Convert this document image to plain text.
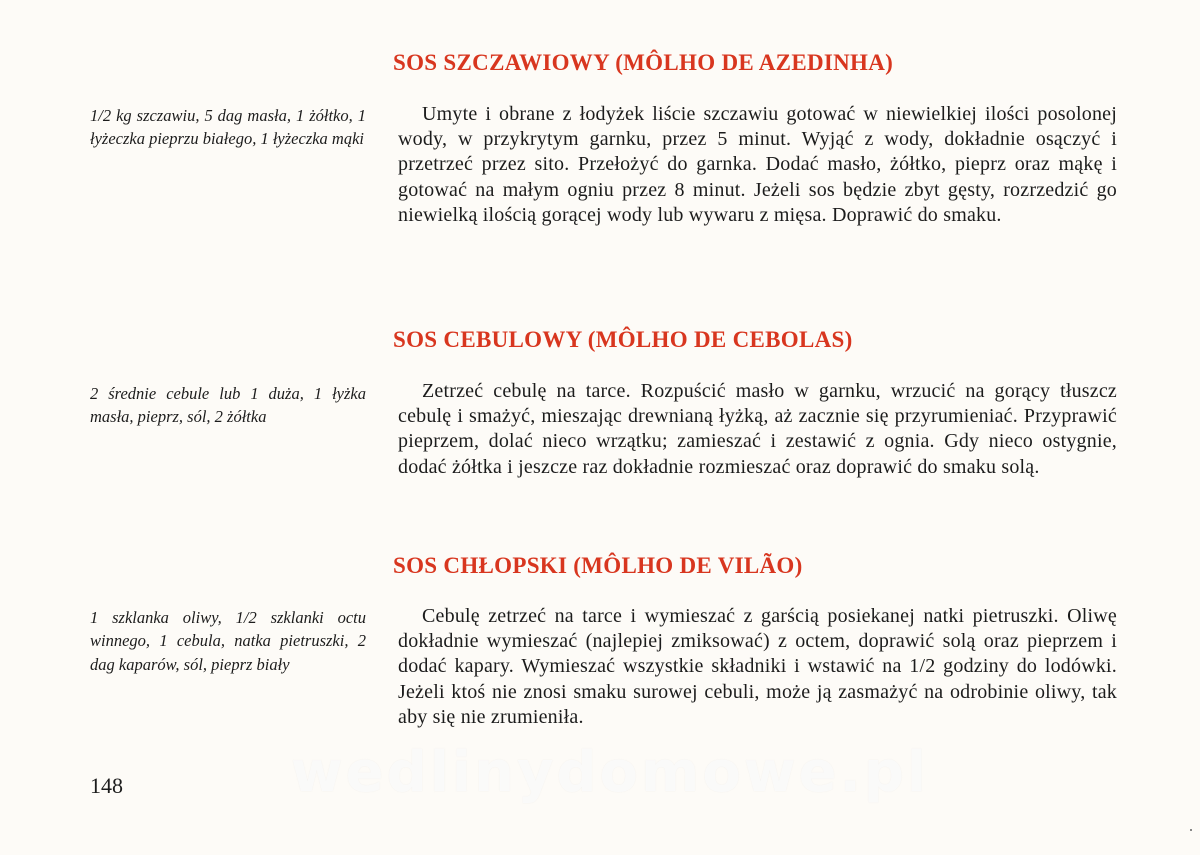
SOS SZCZAWIOWY (MÔLHO DE AZEDINHA)

1/2 kg szczawiu, 5 dag masła, 1 żółtko, 1 łyżeczka pieprzu białego, 1 łyżeczka mąki

Umyte i obrane z łodyżek liście szczawiu gotować w niewielkiej ilości posolonej wody, w przykrytym garnku, przez 5 minut. Wyjąć z wody, dokładnie osączyć i przetrzeć przez sito. Przełożyć do garnka. Dodać masło, żółtko, pieprz oraz mąkę i gotować na małym ogniu przez 8 minut. Jeżeli sos będzie zbyt gęsty, rozrzedzić go niewielką ilością gorącej wody lub wywaru z mięsa. Doprawić do smaku.

SOS CEBULOWY (MÔLHO DE CEBOLAS)

2 średnie cebule lub 1 duża, 1 łyżka masła, pieprz, sól, 2 żółtka

Zetrzeć cebulę na tarce. Rozpuścić masło w garnku, wrzucić na gorący tłuszcz cebulę i smażyć, mieszając drewnianą łyżką, aż zacznie się przyrumieniać. Przyprawić pieprzem, dolać nieco wrzątku; zamieszać i zestawić z ognia. Gdy nieco ostygnie, dodać żółtka i jeszcze raz dokładnie rozmieszać oraz doprawić do smaku solą.

SOS CHŁOPSKI (MÔLHO DE VILÃO)

1 szklanka oliwy, 1/2 szklanki octu winnego, 1 cebula, natka pietruszki, 2 dag kaparów, sól, pieprz biały

Cebulę zetrzeć na tarce i wymieszać z garścią posiekanej natki pietruszki. Oliwę dokładnie wymieszać (najlepiej zmiksować) z octem, doprawić solą oraz pieprzem i dodać kapary. Wymieszać wszystkie składniki i wstawić na 1/2 godziny do lodówki. Jeżeli ktoś nie znosi smaku surowej cebuli, może ją zasmażyć na odrobinie oliwy, tak aby się nie zrumieniła.

148	wedlinydomowe.pl
